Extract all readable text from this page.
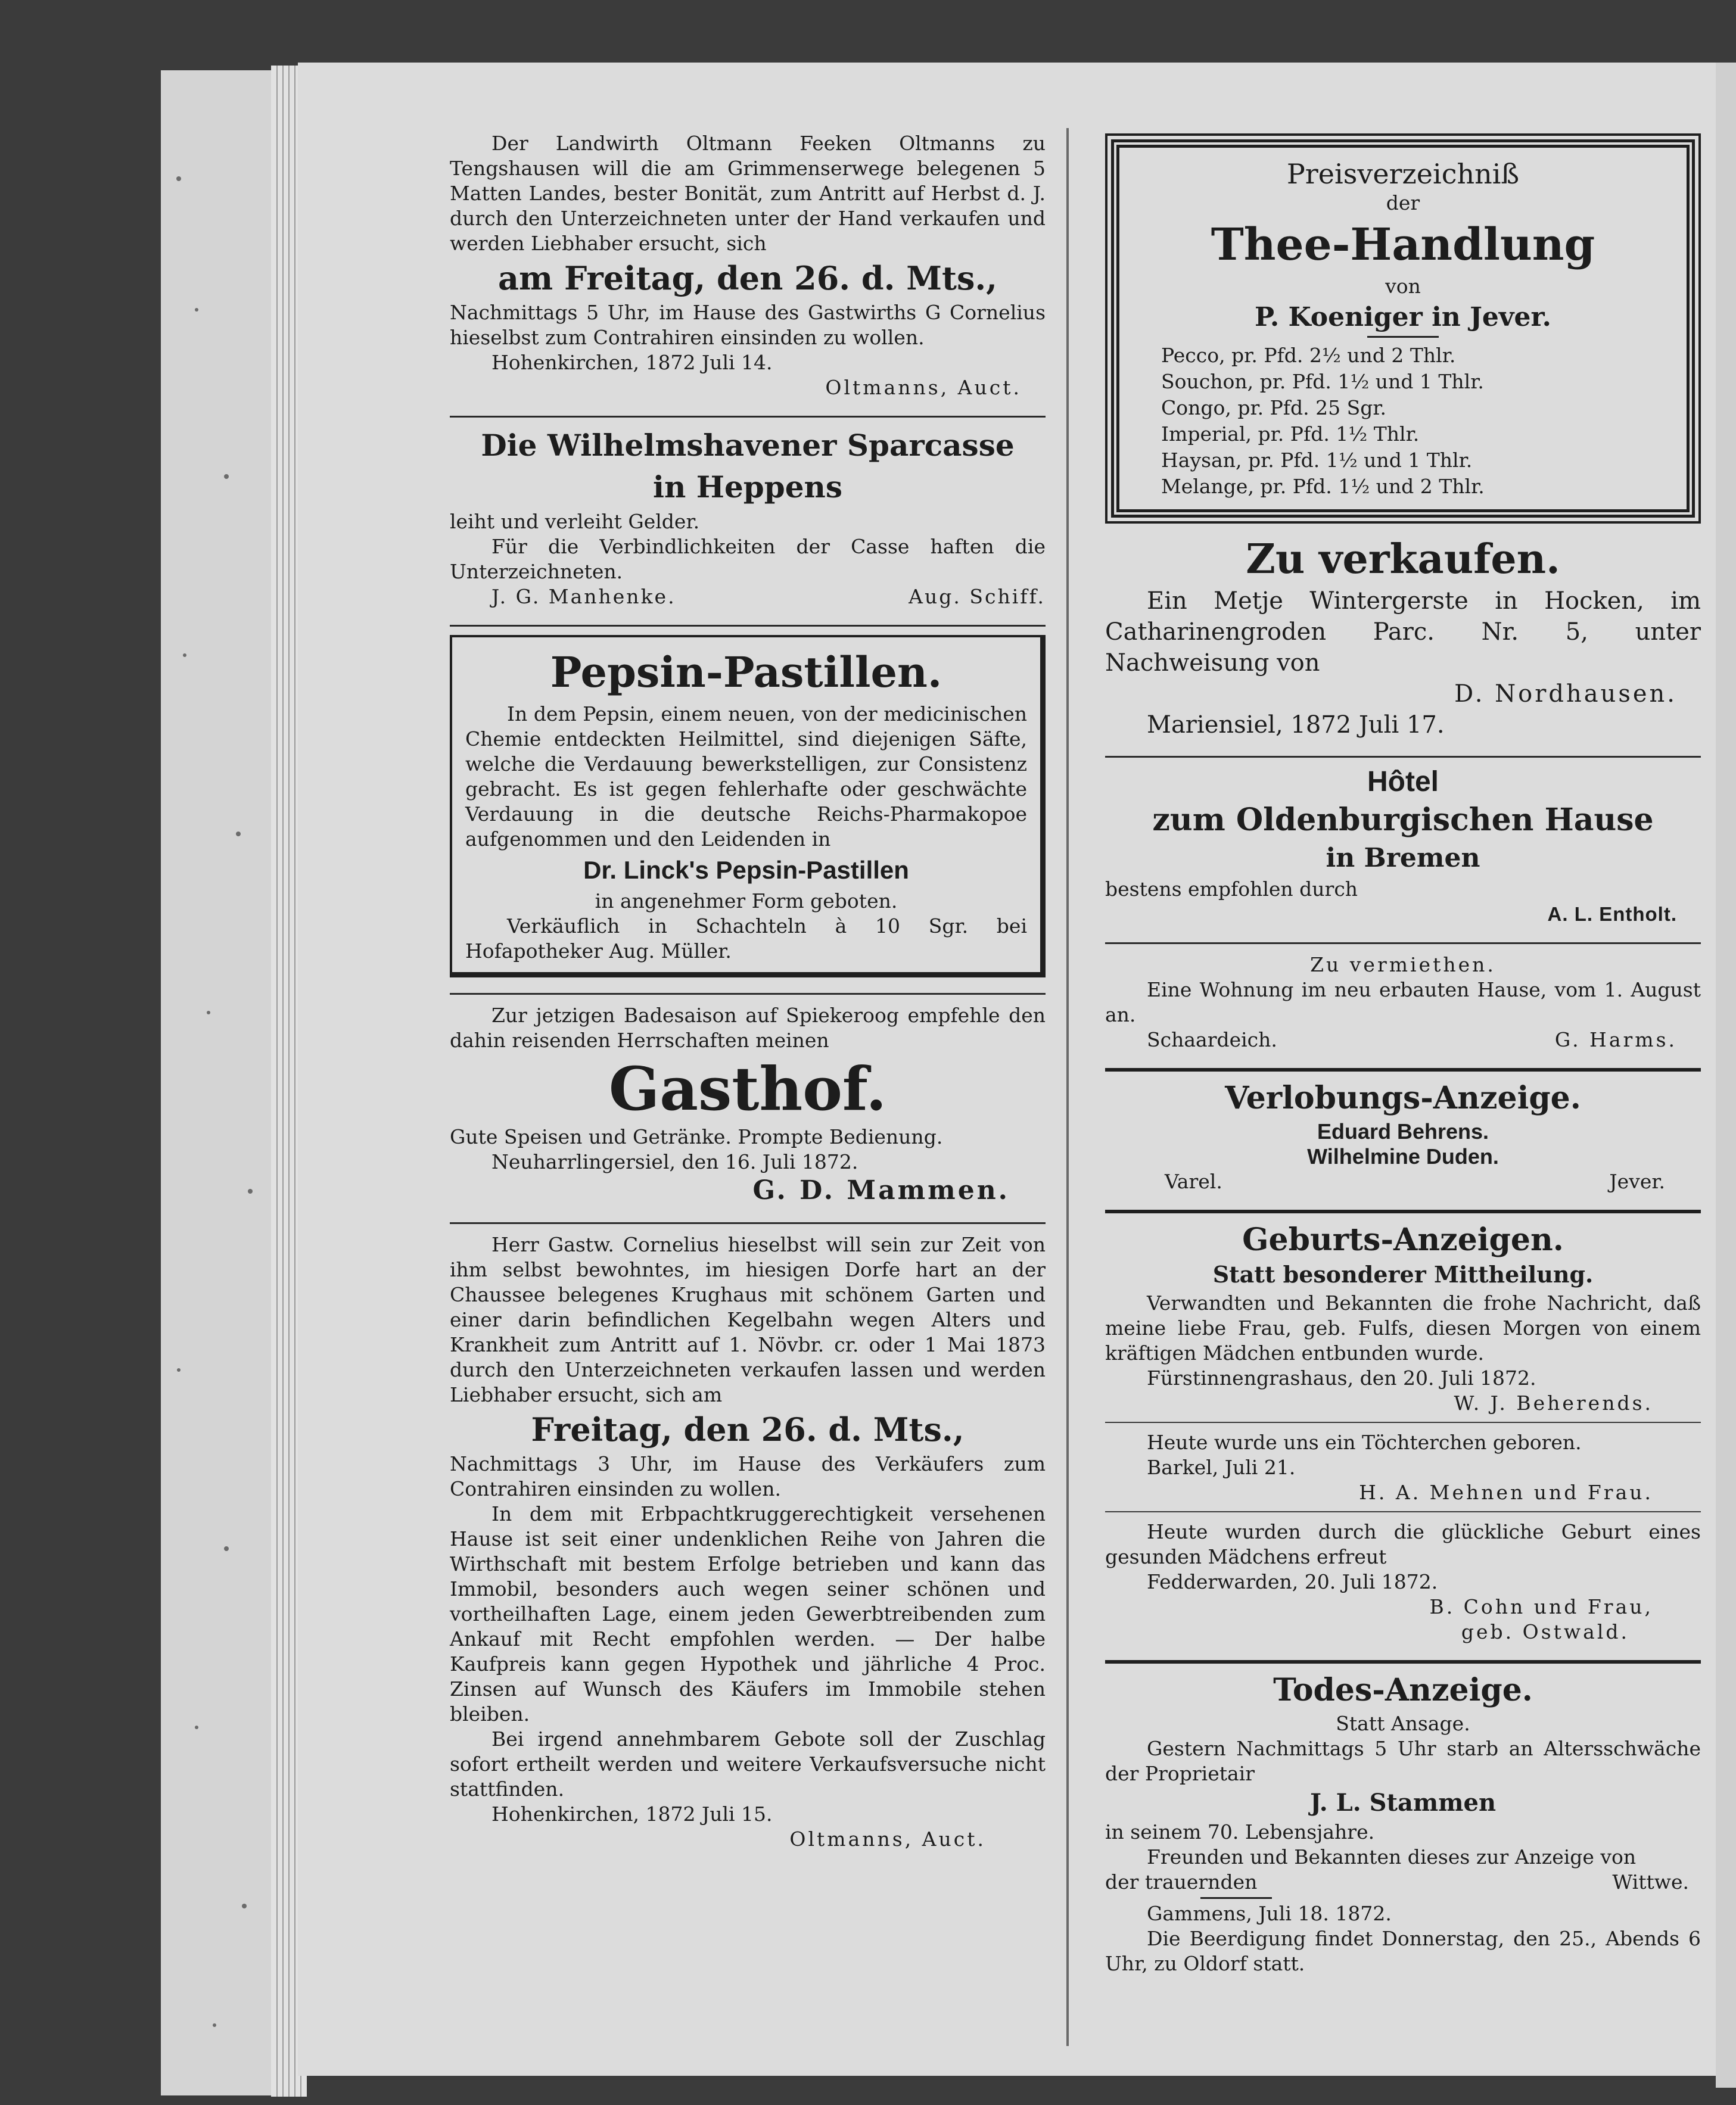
Der Landwirth Oltmann Feeken Oltmanns zu Tengshausen will die am Grimmenserwege belegenen 5 Matten Landes, bester Bonität, zum Antritt auf Herbst d. J. durch den Unterzeichneten unter der Hand verkaufen und werden Liebhaber ersucht, sich

am Freitag, den 26. d. Mts.,

Nachmittags 5 Uhr, im Hause des Gastwirths G Cornelius hieselbst zum Contrahiren einsinden zu wollen.

Hohenkirchen, 1872 Juli 14.

Oltmanns, Auct.

Die Wilhelmshavener Sparcasse
in Heppens

leiht und verleiht Gelder.

Für die Verbindlichkeiten der Casse haften die Unterzeichneten.

J. G. Manhenke.	Aug. Schiff.
Pepsin-Pastillen.

In dem Pepsin, einem neuen, von der medicinischen Chemie entdeckten Heilmittel, sind diejenigen Säfte, welche die Verdauung bewerkstelligen, zur Consistenz gebracht. Es ist gegen fehlerhafte oder geschwächte Verdauung in die deutsche Reichs-Pharmakopoe aufgenommen und den Leidenden in

Dr. Linck's Pepsin-Pastillen

in angenehmer Form geboten.

Verkäuflich in Schachteln à 10 Sgr. bei Hofapotheker Aug. Müller.

Zur jetzigen Badesaison auf Spiekeroog empfehle den dahin reisenden Herrschaften meinen

Gasthof.

Gute Speisen und Getränke. Prompte Bedienung.

Neuharrlingersiel, den 16. Juli 1872.

G. D. Mammen.

Herr Gastw. Cornelius hieselbst will sein zur Zeit von ihm selbst bewohntes, im hiesigen Dorfe hart an der Chaussee belegenes Krughaus mit schönem Garten und einer darin befindlichen Kegelbahn wegen Alters und Krankheit zum Antritt auf 1. Növbr. cr. oder 1 Mai 1873 durch den Unterzeichneten verkaufen lassen und werden Liebhaber ersucht, sich am

Freitag, den 26. d. Mts.,

Nachmittags 3 Uhr, im Hause des Verkäufers zum Contrahiren einsinden zu wollen.

In dem mit Erbpachtkruggerechtigkeit versehenen Hause ist seit einer undenklichen Reihe von Jahren die Wirthschaft mit bestem Erfolge betrieben und kann das Immobil, besonders auch wegen seiner schönen und vortheilhaften Lage, einem jeden Gewerbtreibenden zum Ankauf mit Recht empfohlen werden. — Der halbe Kaufpreis kann gegen Hypothek und jährliche 4 Proc. Zinsen auf Wunsch des Käufers im Immobile stehen bleiben.

Bei irgend annehmbarem Gebote soll der Zuschlag sofort ertheilt werden und weitere Verkaufsversuche nicht stattfinden.

Hohenkirchen, 1872 Juli 15.

Oltmanns, Auct.

Preisverzeichniß
der
Thee-Handlung
von
P. Koeniger in Jever.
Pecco, pr. Pfd. 2½ und 2 Thlr.
Souchon, pr. Pfd. 1½ und 1 Thlr.
Congo, pr. Pfd. 25 Sgr.
Imperial, pr. Pfd. 1½ Thlr.
Haysan, pr. Pfd. 1½ und 1 Thlr.
Melange, pr. Pfd. 1½ und 2 Thlr.
Zu verkaufen.

Ein Metje Wintergerste in Hocken, im Catharinengroden Parc. Nr. 5, unter Nachweisung von

D. Nordhausen.

Mariensiel, 1872 Juli 17.

Hôtel
zum Oldenburgischen Hause
in Bremen

bestens empfohlen durch

A. L. Entholt.

Zu vermiethen.

Eine Wohnung im neu erbauten Hause, vom 1. August an.

Schaardeich.	G. Harms.
Verlobungs-Anzeige.
Eduard Behrens.
Wilhelmine Duden.
Varel.	Jever.
Geburts-Anzeigen.
Statt besonderer Mittheilung.

Verwandten und Bekannten die frohe Nachricht, daß meine liebe Frau, geb. Fulfs, diesen Morgen von einem kräftigen Mädchen entbunden wurde.

Fürstinnengrashaus, den 20. Juli 1872.

W. J. Beherends.

Heute wurde uns ein Töchterchen geboren.

Barkel, Juli 21.

H. A. Mehnen und Frau.

Heute wurden durch die glückliche Geburt eines gesunden Mädchens erfreut

Fedderwarden, 20. Juli 1872.

B. Cohn und Frau,

geb. Ostwald.

Todes-Anzeige.
Statt Ansage.

Gestern Nachmittags 5 Uhr starb an Altersschwäche der Proprietair

J. L. Stammen

in seinem 70. Lebensjahre.

Freunden und Bekannten dieses zur Anzeige von

der trauernden	Wittwe.

Gammens, Juli 18. 1872.

Die Beerdigung findet Donnerstag, den 25., Abends 6 Uhr, zu Oldorf statt.
